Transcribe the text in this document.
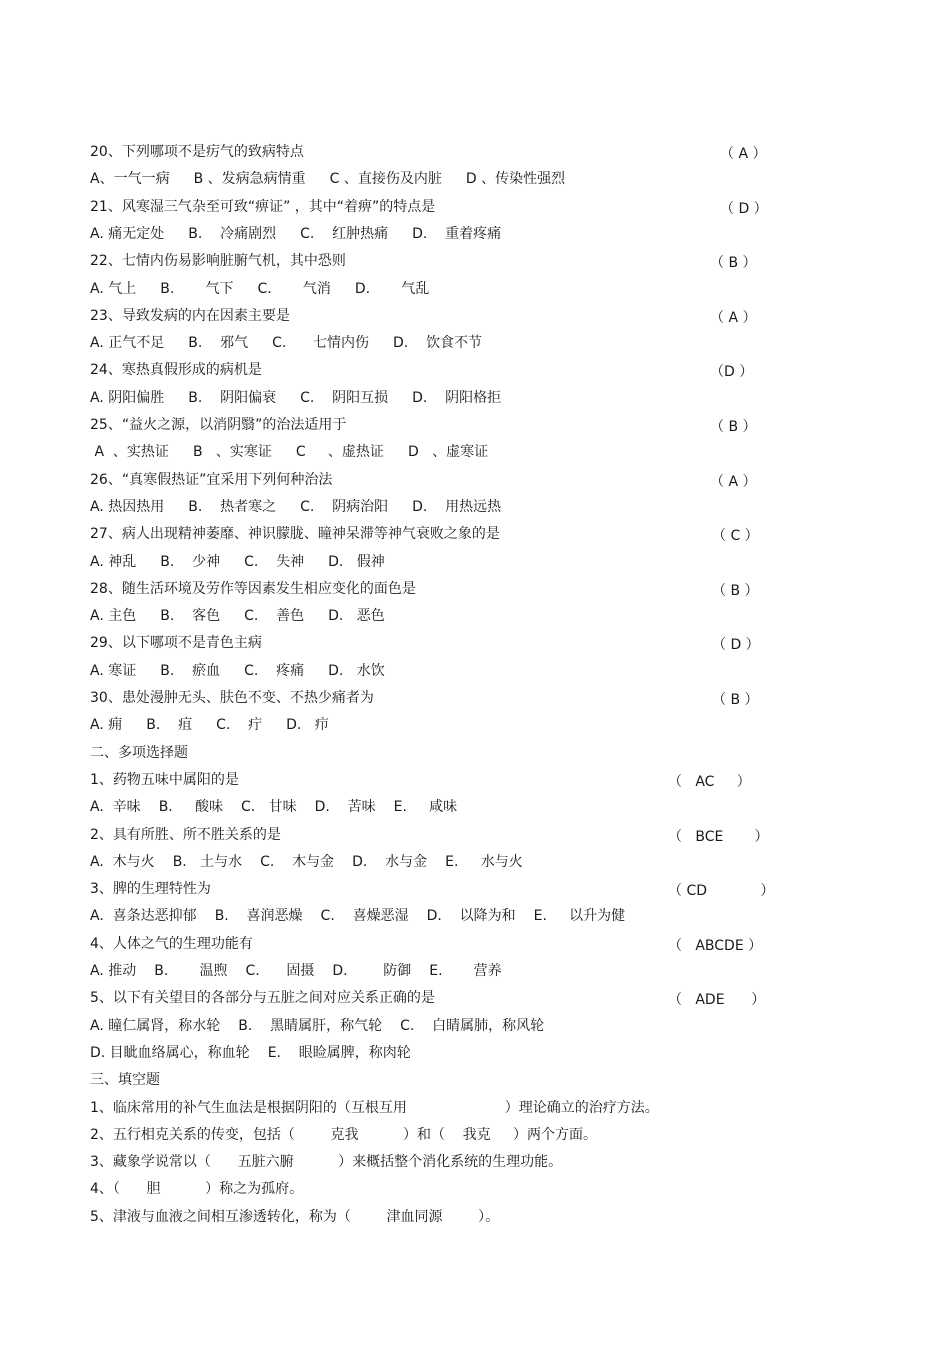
20、下列哪项不是疠气的致病特点	（ A ）
A、一气一病 B 、发病急病情重 C 、直接伤及内脏 D 、传染性强烈
21、风寒湿三气杂至可致“痹证” ，其中“着痹”的特点是	（ D ）
A. 痛无定处 B.    冷痛剧烈 C.    红肿热痛 D.    重着疼痛
22、七情内伤易影响脏腑气机，其中恐则	（ B ）
A. 气上 B.       气下 C.       气消 D.       气乱
23、导致发病的内在因素主要是	（ A ）
A. 正气不足 B.    邪气 C.      七情内伤 D.    饮食不节
24、寒热真假形成的病机是	（D ）
A. 阴阳偏胜 B.    阴阳偏衰 C.    阴阳互损 D.    阴阳格拒
25、“益火之源，以消阴翳”的治法适用于	（ B ）
A  、实热证 B   、实寒证 C     、虚热证 D   、虚寒证
26、“真寒假热证”宜采用下列何种治法	（ A ）
A. 热因热用 B.    热者寒之 C.    阴病治阳 D.    用热远热
27、病人出现精神萎靡、神识朦胧、瞳神呆滞等神气衰败之象的是	（ C ）
A. 神乱 B.    少神 C.    失神 D.   假神
28、随生活环境及劳作等因素发生相应变化的面色是	（ B ）
A. 主色 B.    客色 C.    善色 D.   恶色
29、以下哪项不是青色主病	（ D ）
A. 寒证 B.    瘀血 C.    疼痛 D.   水饮
30、患处漫肿无头、肤色不变、不热少痛者为	（ B ）
A. 痈 B.    疽 C.    疔 D.   疖
二、多项选择题
1、药物五味中属阳的是	（   AC     ）
A.  辛味 B.     酸味 C.   甘味 D.    苦味 E.     咸味
2、具有所胜、所不胜关系的是	（   BCE       ）
A.  木与火 B.   土与水 C.    木与金 D.    水与金 E.     水与火
3、脾的生理特性为	（ CD            ）
A.  喜条达恶抑郁 B.    喜润恶燥 C.    喜燥恶湿 D.    以降为和 E.     以升为健
4、人体之气的生理功能有	（   ABCDE ）
A. 推动 B.       温煦 C.      固摄 D.        防御 E.       营养
5、以下有关望目的各部分与五脏之间对应关系正确的是	（   ADE      ）
A. 瞳仁属肾，称水轮 B.    黑睛属肝，称气轮 C.    白睛属肺，称风轮
D. 目眦血络属心，称血轮 E.    眼睑属脾，称肉轮
三、填空题
1、临床常用的补气生血法是根据阴阳的（互根互用                      ）理论确立的治疗方法。
2、五行相克关系的传变，包括（        克我          ）和（    我克     ）两个方面。
3、藏象学说常以（      五脏六腑          ）来概括整个消化系统的生理功能。
4、（      胆          ）称之为孤府。
5、津液与血液之间相互渗透转化，称为（        津血同源        ）。
